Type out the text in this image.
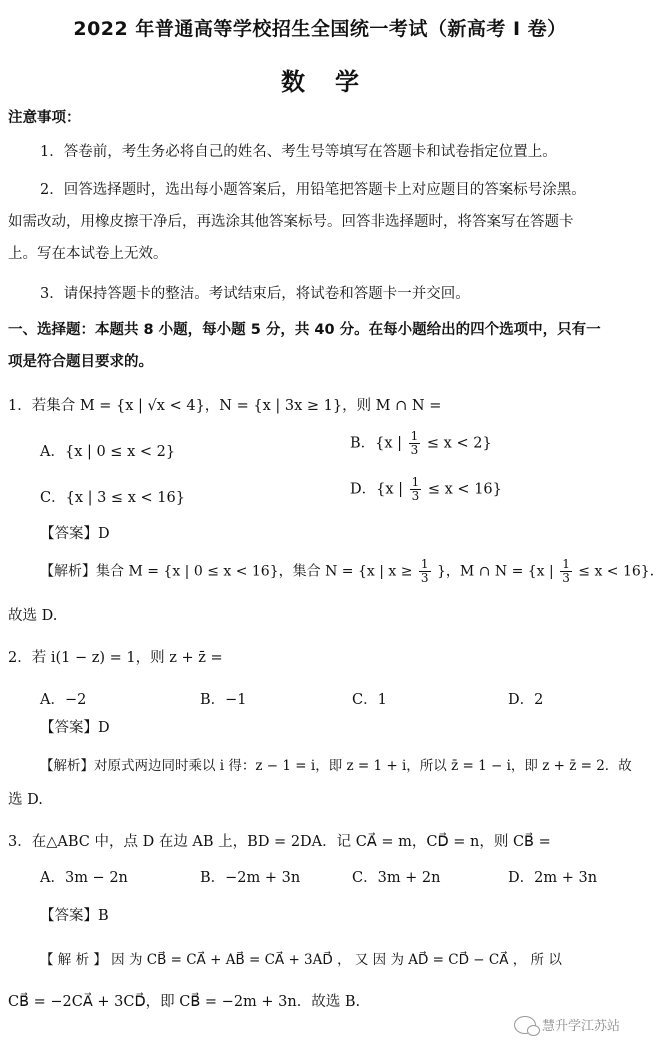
2022 年普通高等学校招生全国统一考试（新高考 I 卷）
数学
注意事项：
1．答卷前，考生务必将自己的姓名、考生号等填写在答题卡和试卷指定位置上。
2．回答选择题时，选出每小题答案后，用铅笔把答题卡上对应题目的答案标号涂黑。
如需改动，用橡皮擦干净后，再选涂其他答案标号。回答非选择题时，将答案写在答题卡
上。写在本试卷上无效。
3．请保持答题卡的整洁。考试结束后，将试卷和答题卡一并交回。
一、选择题：本题共 8 小题，每小题 5 分，共 40 分。在每小题给出的四个选项中，只有一
项是符合题目要求的。
1．若集合 M = {x | √x < 4}，N = {x | 3x ≥ 1}，则 M ∩ N =
A．{x | 0 ≤ x < 2}
B．{x | $\frac{1}{3} \le x < 2$}
C．{x | 3 ≤ x < 16}
D．{x | $\frac{1}{3} \le x < 16$}
【答案】D
【解析】集合 M = {x | 0 ≤ x < 16}，集合 N = {x | $x \ge \frac{1}{3}$ }，M ∩ N = {x | $\frac{1}{3} \le x < 16$}．
故选 D.
2．若 i(1 − z) = 1，则 z + z̄ =
A．−2	B．−1	C．1	D．2
【答案】D
【解析】对原式两边同时乘以 i 得：z − 1 = i，即 z = 1 + i，所以 z̄ = 1 − i，即 z + z̄ = 2．故
选 D.
3．在△ABC 中，点 D 在边 AB 上，BD = 2DA．记 CA⃗ = m，CD⃗ = n，则 CB⃗ =
A．3m − 2n	B．−2m + 3n	C．3m + 2n	D．2m + 3n
【答案】B
【 解 析 】 因 为 CB⃗ = CA⃗ + AB⃗ = CA⃗ + 3AD⃗ ， 又 因 为 AD⃗ = CD⃗ − CA⃗ ， 所 以
CB⃗ = −2CA⃗ + 3CD⃗，即 CB⃗ = −2m + 3n．故选 B.
慧升学江苏站
